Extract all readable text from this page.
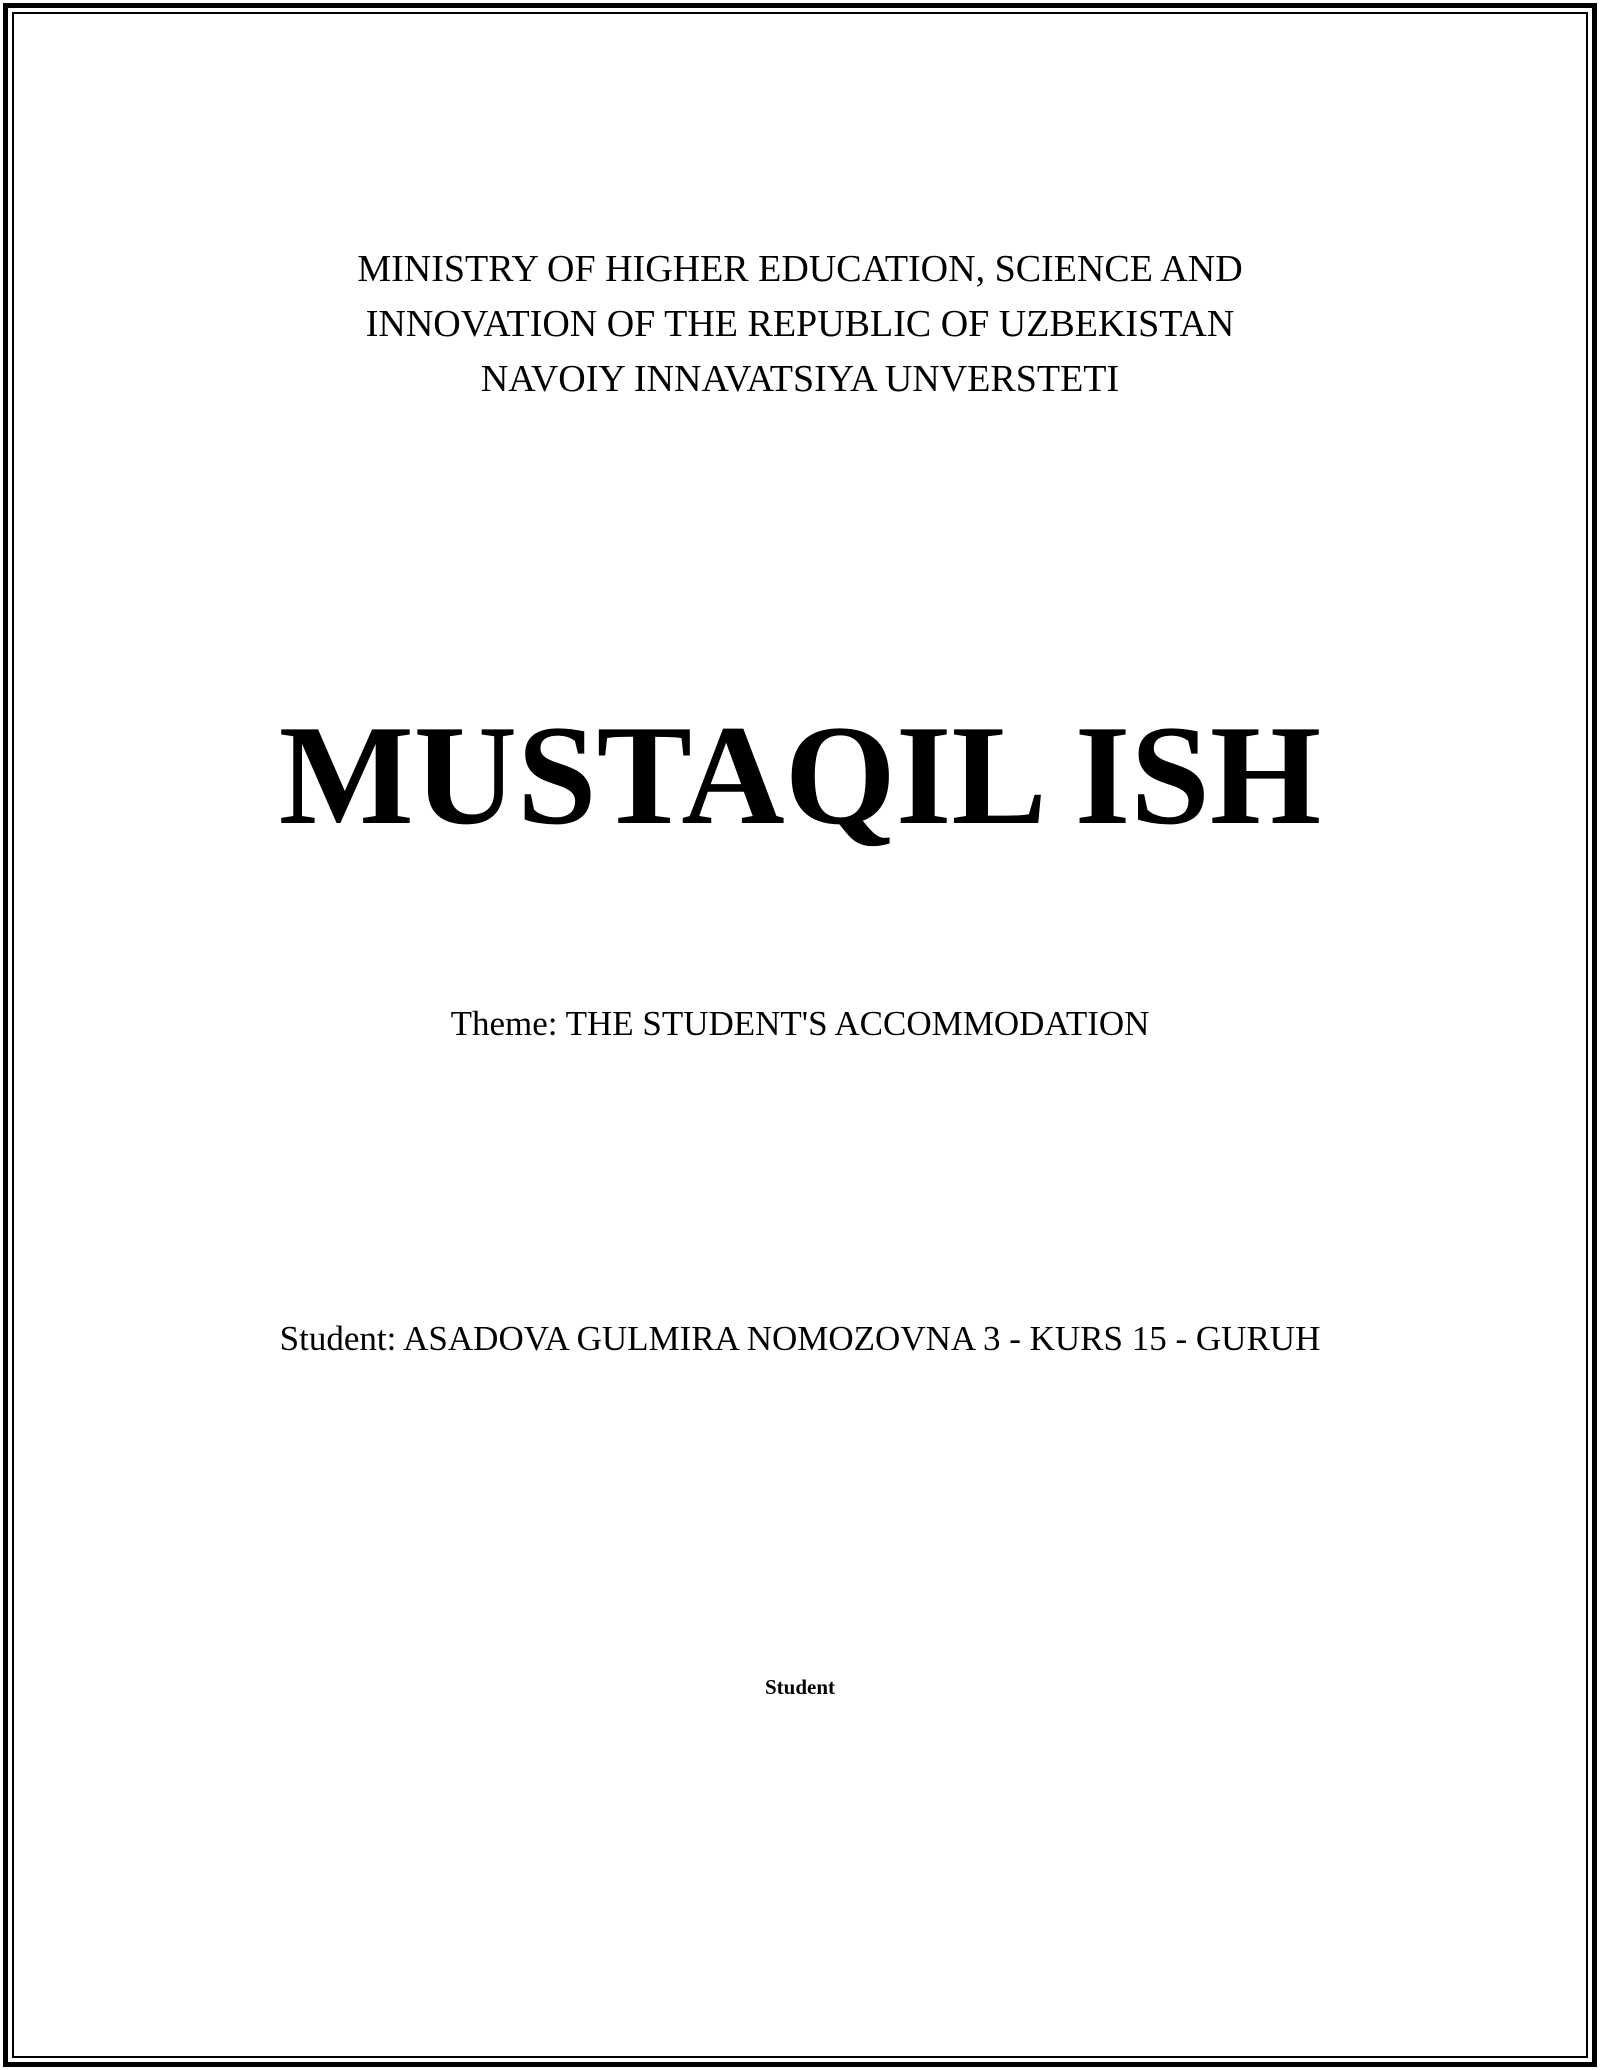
MINISTRY OF HIGHER EDUCATION, SCIENCE AND
INNOVATION OF THE REPUBLIC OF UZBEKISTAN
NAVOIY INNAVATSIYA UNVERSTETI
MUSTAQIL ISH
Theme: THE STUDENT'S ACCOMMODATION
Student: ASADOVA GULMIRA NOMOZOVNA 3 - KURS 15 - GURUH
Student
